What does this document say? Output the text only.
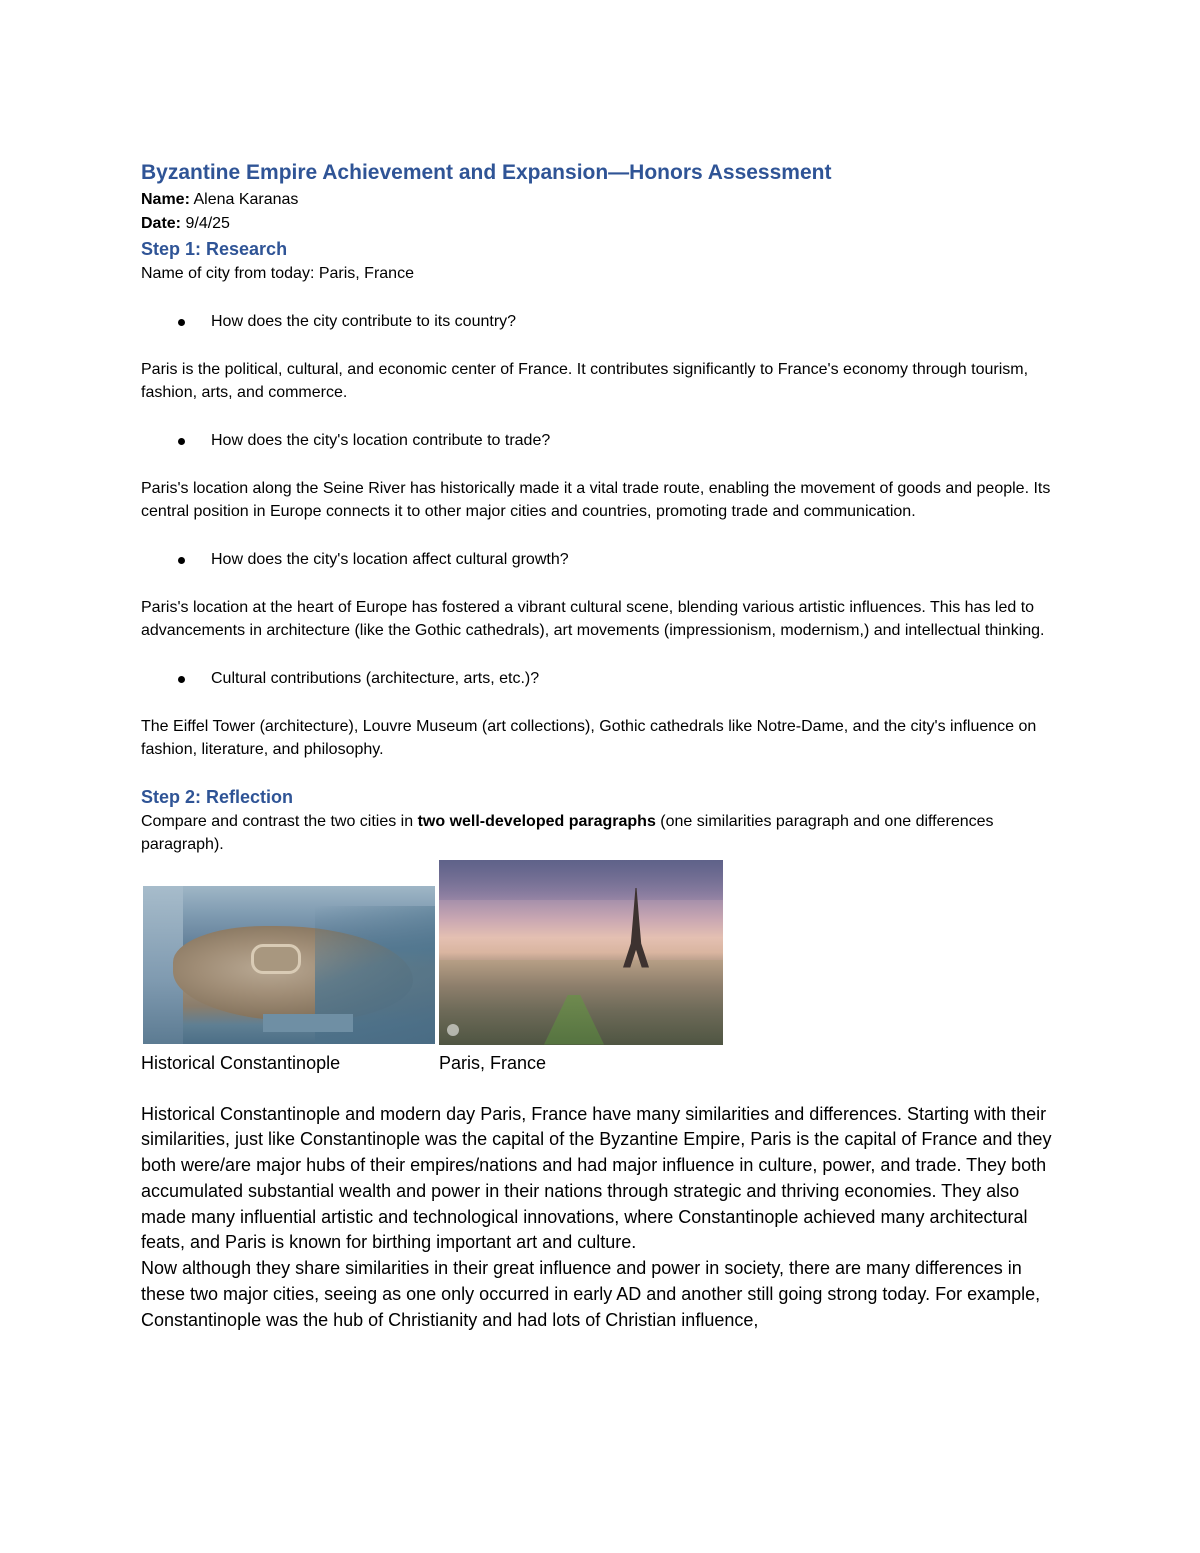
Byzantine Empire Achievement and Expansion—Honors Assessment

Name: Alena Karanas

Date: 9/4/25

Step 1: Research

Name of city from today: Paris, France

How does the city contribute to its country?

Paris is the political, cultural, and economic center of France. It contributes significantly to France's economy through tourism, fashion, arts, and commerce.

How does the city's location contribute to trade?

Paris's location along the Seine River has historically made it a vital trade route, enabling the movement of goods and people. Its central position in Europe connects it to other major cities and countries, promoting trade and communication.

How does the city's location affect cultural growth?

Paris's location at the heart of Europe has fostered a vibrant cultural scene, blending various artistic influences. This has led to advancements in architecture (like the Gothic cathedrals), art movements (impressionism, modernism,) and intellectual thinking.

Cultural contributions (architecture, arts, etc.)?

The Eiffel Tower (architecture), Louvre Museum (art collections), Gothic cathedrals like Notre-Dame, and the city's influence on fashion, literature, and philosophy.

Step 2: Reflection

Compare and contrast the two cities in two well-developed paragraphs (one similarities paragraph and one differences paragraph).

Historical Constantinople	Paris, France

Historical Constantinople and modern day Paris, France have many similarities and differences. Starting with their similarities, just like Constantinople was the capital of the Byzantine Empire, Paris is the capital of France and they both were/are major hubs of their empires/nations and had major influence in culture, power, and trade. They both accumulated substantial wealth and power in their nations through strategic and thriving economies. They also made many influential artistic and technological innovations, where Constantinople achieved many architectural feats, and Paris is known for birthing important art and culture.

Now although they share similarities in their great influence and power in society, there are many differences in these two major cities, seeing as one only occurred in early AD and another still going strong today. For example, Constantinople was the hub of Christianity and had lots of Christian influence,
